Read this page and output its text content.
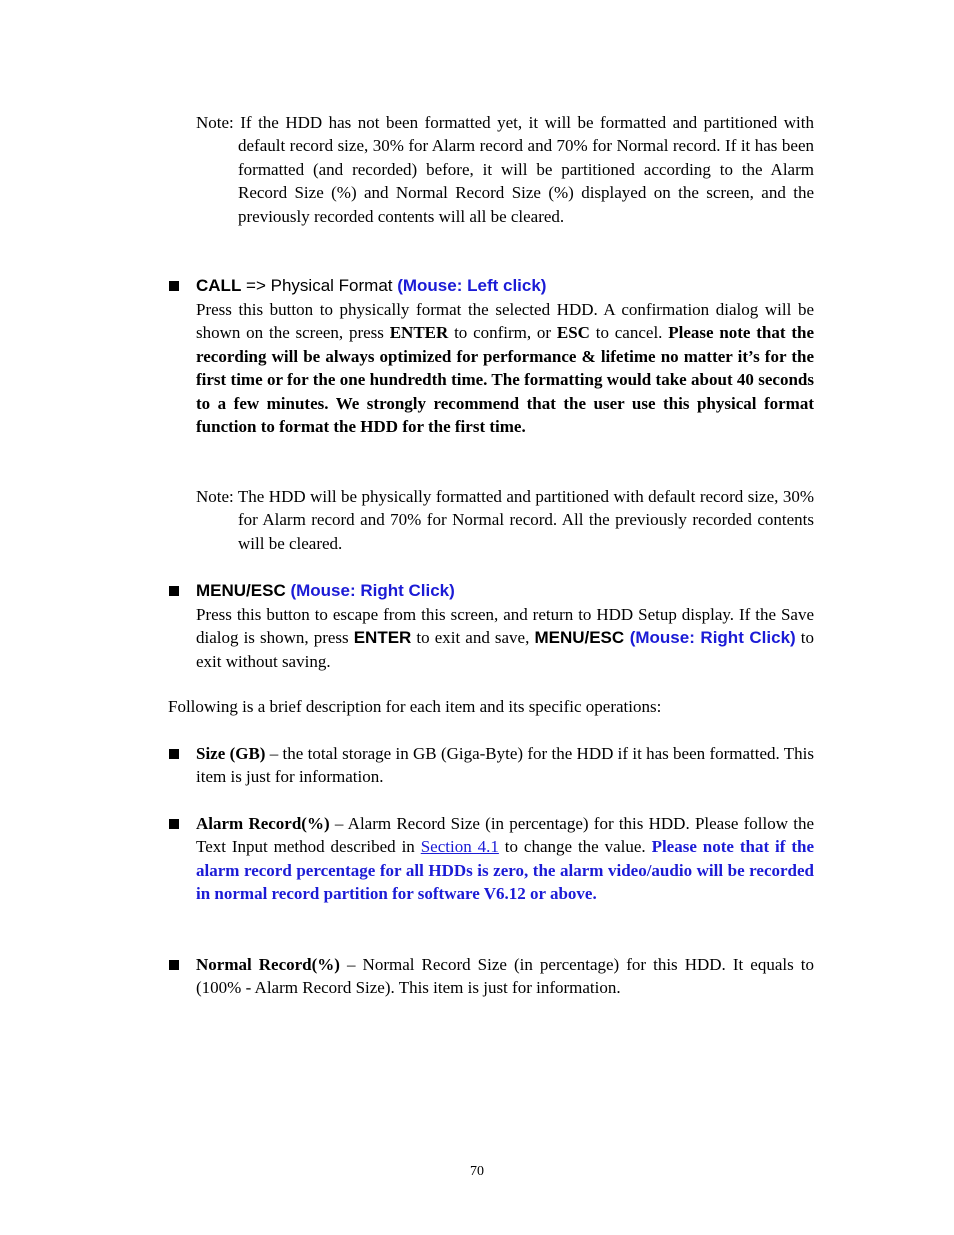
Note: If the HDD has not been formatted yet, it will be formatted and partitioned with default record size, 30% for Alarm record and 70% for Normal record. If it has been formatted (and recorded) before, it will be partitioned according to the Alarm Record Size (%) and Normal Record Size (%) displayed on the screen, and the previously recorded contents will all be cleared.
CALL => Physical Format (Mouse: Left click)
Press this button to physically format the selected HDD. A confirmation dialog will be shown on the screen, press ENTER to confirm, or ESC to cancel. Please note that the recording will be always optimized for performance & lifetime no matter it’s for the first time or for the one hundredth time. The formatting would take about 40 seconds to a few minutes. We strongly recommend that the user use this physical format function to format the HDD for the first time.
Note: The HDD will be physically formatted and partitioned with default record size, 30% for Alarm record and 70% for Normal record. All the previously recorded contents will be cleared.
MENU/ESC (Mouse: Right Click)
Press this button to escape from this screen, and return to HDD Setup display. If the Save dialog is shown, press ENTER to exit and save, MENU/ESC (Mouse: Right Click) to exit without saving.
Following is a brief description for each item and its specific operations:
Size (GB) – the total storage in GB (Giga-Byte) for the HDD if it has been formatted. This item is just for information.
Alarm Record(%) – Alarm Record Size (in percentage) for this HDD. Please follow the Text Input method described in Section 4.1 to change the value. Please note that if the alarm record percentage for all HDDs is zero, the alarm video/audio will be recorded in normal record partition for software V6.12 or above.
Normal Record(%) – Normal Record Size (in percentage) for this HDD. It equals to (100% - Alarm Record Size). This item is just for information.
70
